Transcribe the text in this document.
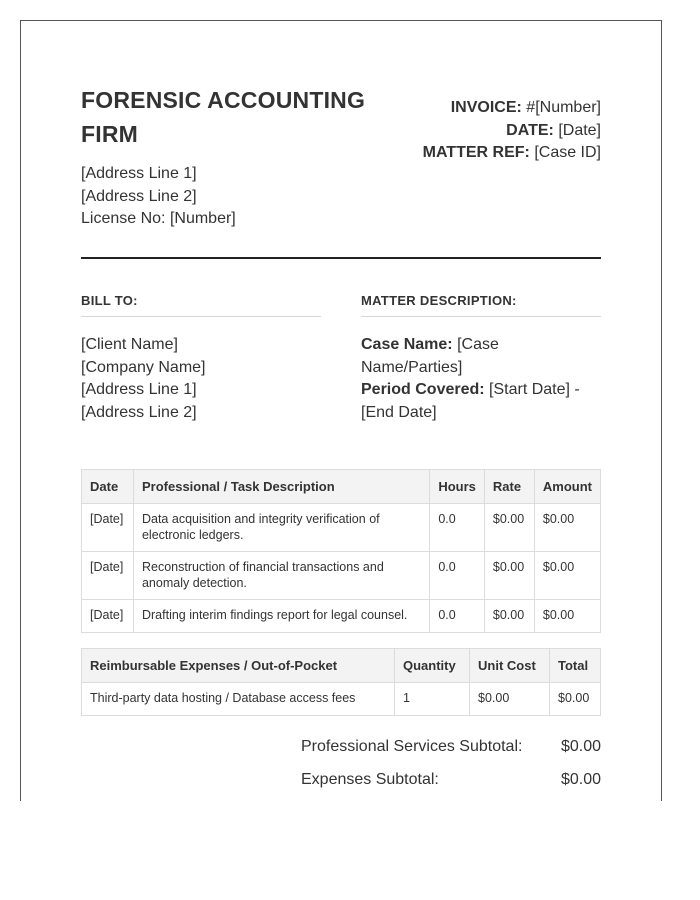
FORENSIC ACCOUNTING FIRM
[Address Line 1]
[Address Line 2]
License No: [Number]
INVOICE: #[Number]
DATE: [Date]
MATTER REF: [Case ID]
BILL TO:
[Client Name]
[Company Name]
[Address Line 1]
[Address Line 2]
MATTER DESCRIPTION:
Case Name: [Case Name/Parties]
Period Covered: [Start Date] - [End Date]
Date	Professional / Task Description	Hours	Rate	Amount
[Date]	Data acquisition and integrity verification of electronic ledgers.	0.0	$0.00	$0.00
[Date]	Reconstruction of financial transactions and anomaly detection.	0.0	$0.00	$0.00
[Date]	Drafting interim findings report for legal counsel.	0.0	$0.00	$0.00
Reimbursable Expenses / Out-of-Pocket	Quantity	Unit Cost	Total
Third-party data hosting / Database access fees	1	$0.00	$0.00
Professional Services Subtotal: $0.00
Expenses Subtotal:	$0.00
